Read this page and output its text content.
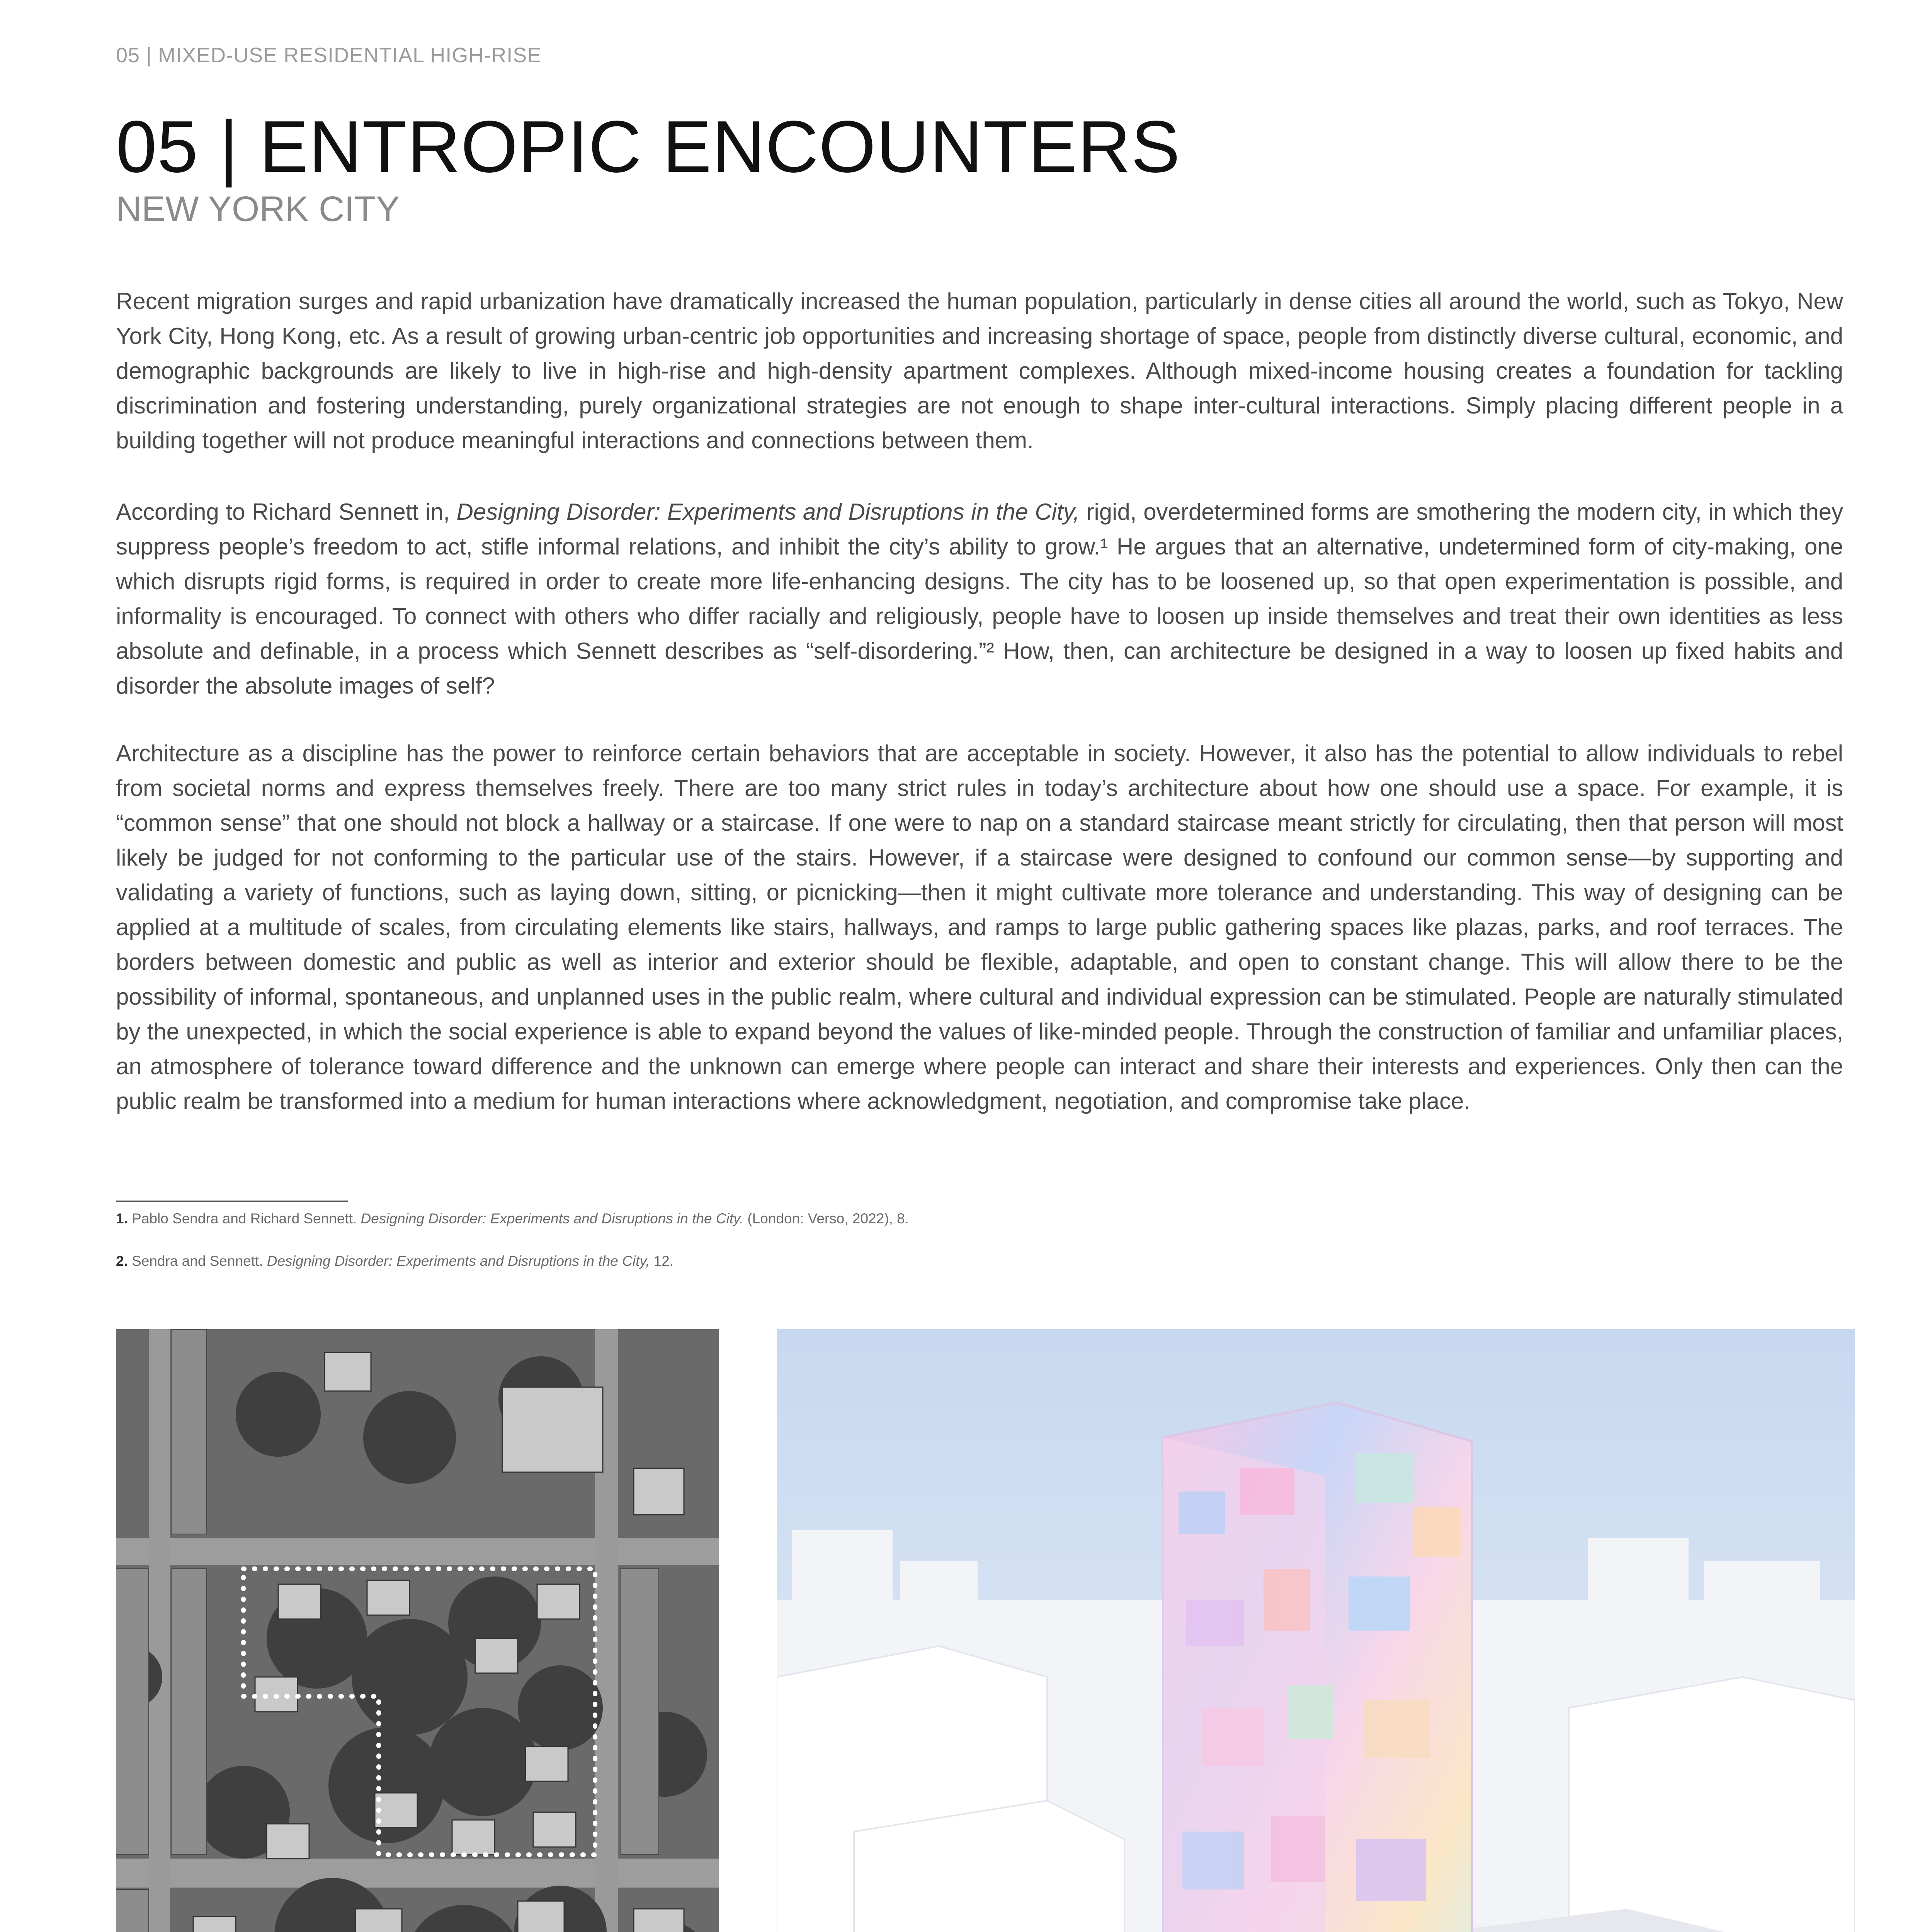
05 | MIXED-USE RESIDENTIAL HIGH-RISE
05 | ENTROPIC ENCOUNTERS
NEW YORK CITY

Recent migration surges and rapid urbanization have dramatically increased the human population, particularly in dense cities all around the world, such as Tokyo, New York City, Hong Kong, etc. As a result of growing urban-centric job opportunities and increasing shortage of space, people from distinctly diverse cultural, economic, and demographic backgrounds are likely to live in high-rise and high-density apartment complexes. Although mixed-income housing creates a foundation for tackling discrimination and fostering understanding, purely organizational strategies are not enough to shape inter-cultural interactions. Simply placing different people in a building together will not produce meaningful interactions and connections between them.

According to Richard Sennett in, Designing Disorder: Experiments and Disruptions in the City, rigid, overdetermined forms are smothering the modern city, in which they suppress people’s freedom to act, stifle informal relations, and inhibit the city’s ability to grow.¹ He argues that an alternative, undetermined form of city-making, one which disrupts rigid forms, is required in order to create more life-enhancing designs. The city has to be loosened up, so that open experimentation is possible, and informality is encouraged. To connect with others who differ racially and religiously, people have to loosen up inside themselves and treat their own identities as less absolute and definable, in a process which Sennett describes as “self-disordering.”² How, then, can architecture be designed in a way to loosen up fixed habits and disorder the absolute images of self?

Architecture as a discipline has the power to reinforce certain behaviors that are acceptable in society. However, it also has the potential to allow individuals to rebel from societal norms and express themselves freely. There are too many strict rules in today’s architecture about how one should use a space. For example, it is “common sense” that one should not block a hallway or a staircase. If one were to nap on a standard staircase meant strictly for circulating, then that person will most likely be judged for not conforming to the particular use of the stairs. However, if a staircase were designed to confound our common sense—by supporting and validating a variety of functions, such as laying down, sitting, or picnicking—then it might cultivate more tolerance and understanding. This way of designing can be applied at a multitude of scales, from circulating elements like stairs, hallways, and ramps to large public gathering spaces like plazas, parks, and roof terraces. The borders between domestic and public as well as interior and exterior should be flexible, adaptable, and open to constant change. This will allow there to be the possibility of informal, spontaneous, and unplanned uses in the public realm, where cultural and individual expression can be stimulated. People are naturally stimulated by the unexpected, in which the social experience is able to expand beyond the values of like-minded people. Through the construction of familiar and unfamiliar places, an atmosphere of tolerance toward difference and the unknown can emerge where people can interact and share their interests and experiences. Only then can the public realm be transformed into a medium for human interactions where acknowledgment, negotiation, and compromise take place.

1. Pablo Sendra and Richard Sennett. Designing Disorder: Experiments and Disruptions in the City. (London: Verso, 2022), 8.
2. Sendra and Sennett. Designing Disorder: Experiments and Disruptions in the City, 12.
